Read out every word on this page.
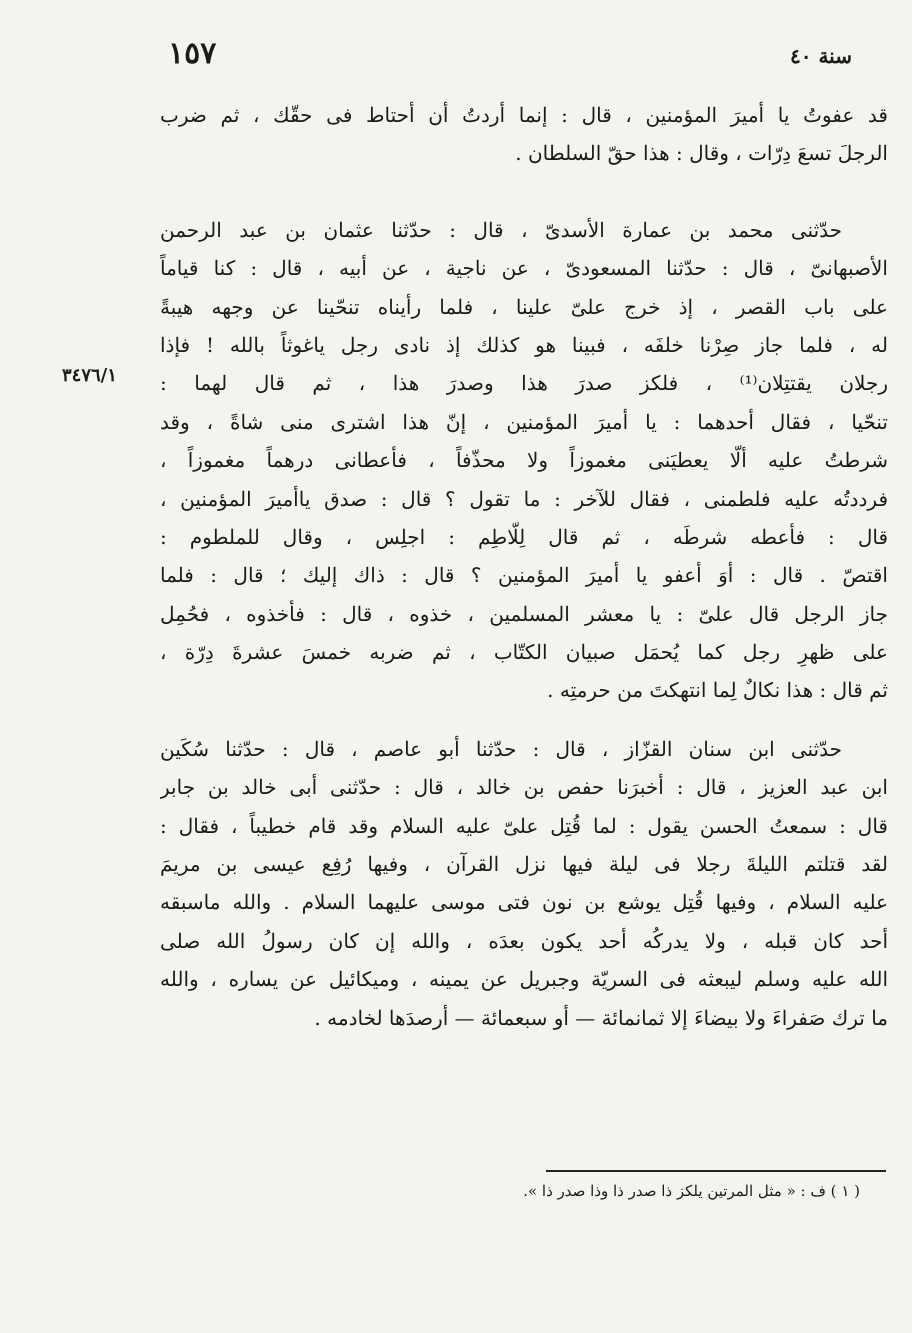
١٥٧	سنة ٤٠
٣٤٧٦/١
قد عفوتُ يا أميرَ المؤمنين ، قال : إنما أردتُ أن أحتاط فى حقّك ، ثم ضرب
الرجلَ تسعَ دِرّات ، وقال : هذا حقّ السلطان .
حدّثنى محمد بن عمارة الأسدىّ ، قال : حدّثنا عثمان بن عبد الرحمن
الأصبهانىّ ، قال : حدّثنا المسعودىّ ، عن ناجية ، عن أبيه ، قال : كنا قياماً
على باب القصر ، إذ خرج علىّ علينا ، فلما رأيناه تنحّينا عن وجهه هيبةً
له ، فلما جاز صِرْنا خلفَه ، فبينا هو كذلك إذ نادى رجل ياغوثاً بالله ! فإذا
رجلان يقتتِلان⁽¹⁾ ، فلكز صدرَ هذا وصدرَ هذا ، ثم قال لهما :
تنحّيا ، فقال أحدهما : يا أميرَ المؤمنين ، إنّ هذا اشترى منى شاةً ، وقد
شرطتُ عليه ألّا يعطيَنى مغموزاً ولا محذّفاً ، فأعطانى درهماً مغموزاً ،
فرددتُه عليه فلطمنى ، فقال للآخر : ما تقول ؟ قال : صدق ياأميرَ المؤمنين ،
قال : فأعطه شرطَه ، ثم قال لِلّاطِم : اجلِس ، وقال للملطوم :
اقتصّ . قال : أوَ أعفو يا أميرَ المؤمنين ؟ قال : ذاك إليك ؛ قال : فلما
جاز الرجل قال علىّ : يا معشر المسلمين ، خذوه ، قال : فأخذوه ، فحُمِل
على ظهرِ رجل كما يُحمَل صبيان الكتّاب ، ثم ضربه خمسَ عشرةَ دِرّة ،
ثم قال : هذا نكالٌ لِما انتهكتَ من حرمتِه .
حدّثنى ابن سنان القزّاز ، قال : حدّثنا أبو عاصم ، قال : حدّثنا سُكَين
ابن عبد العزيز ، قال : أخبرَنا حفص بن خالد ، قال : حدّثنى أبى خالد بن جابر
قال : سمعتُ الحسن يقول : لما قُتِل علىّ عليه السلام وقد قام خطيباً ، فقال :
لقد قتلتم الليلةَ رجلا فى ليلة فيها نزل القرآن ، وفيها رُفِع عيسى بن مريمَ
عليه السلام ، وفيها قُتِل يوشع بن نون فتى موسى عليهما السلام . والله ماسبقه
أحد كان قبله ، ولا يدركُه أحد يكون بعدَه ، والله إن كان رسولُ الله صلى
الله عليه وسلم ليبعثه فى السريّة وجبريل عن يمينه ، وميكائيل عن يساره ، والله
ما ترك صَفراءَ ولا بيضاءَ إلا ثمانمائة — أو سبعمائة — أرصدَها لخادمه .
( ١ ) ف : « مثل المرتين يلكز ذا صدر ذا وذا صدر ذا ».
